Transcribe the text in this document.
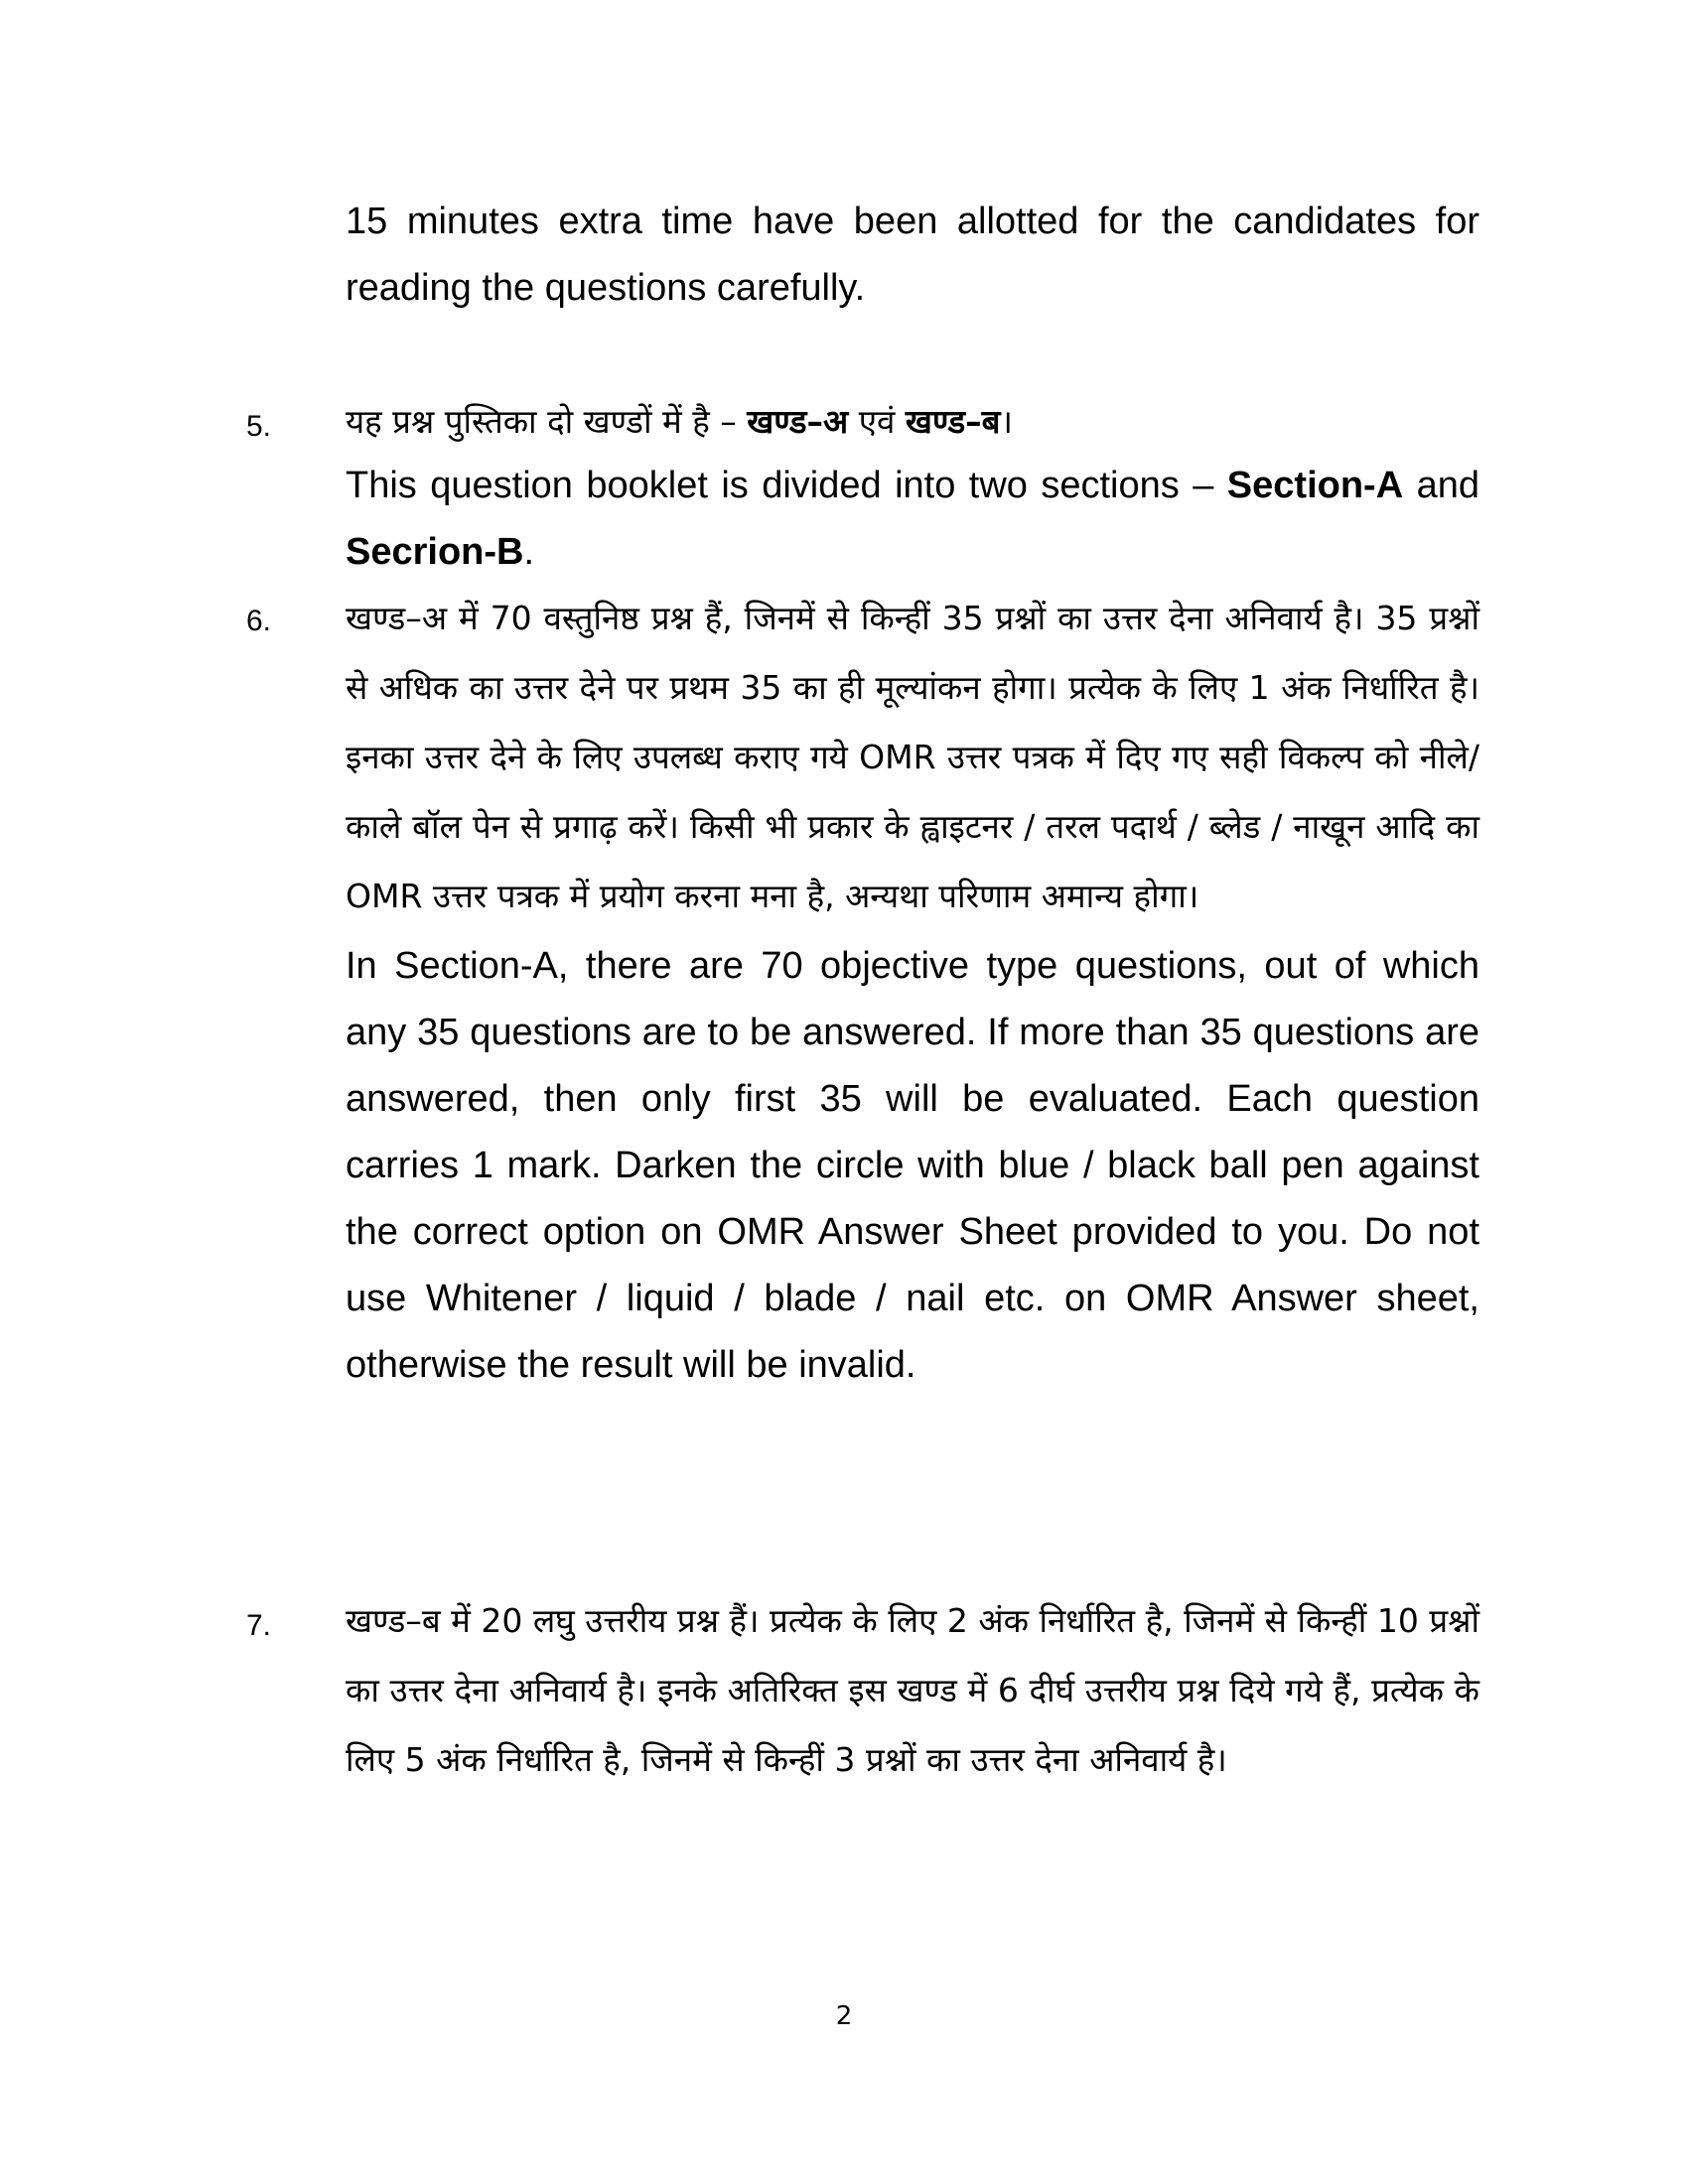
15 minutes extra time have been allotted for the candidates for reading the questions carefully.

5. यह प्रश्न पुस्तिका दो खण्डों में है – खण्ड–अ एवं खण्ड–ब।

This question booklet is divided into two sections – Section-A and Secrion-B.

6. खण्ड–अ में 70 वस्तुनिष्ठ प्रश्न हैं, जिनमें से किन्हीं 35 प्रश्नों का उत्तर देना अनिवार्य है। 35 प्रश्नों से अधिक का उत्तर देने पर प्रथम 35 का ही मूल्यांकन होगा। प्रत्येक के लिए 1 अंक निर्धारित है। इनका उत्तर देने के लिए उपलब्ध कराए गये OMR उत्तर पत्रक में दिए गए सही विकल्प को नीले/काले बॉल पेन से प्रगाढ़ करें। किसी भी प्रकार के ह्वाइटनर / तरल पदार्थ / ब्लेड / नाखून आदि का OMR उत्तर पत्रक में प्रयोग करना मना है, अन्यथा परिणाम अमान्य होगा।

In Section-A, there are 70 objective type questions, out of which any 35 questions are to be answered. If more than 35 questions are answered, then only first 35 will be evaluated. Each question carries 1 mark. Darken the circle with blue / black ball pen against the correct option on OMR Answer Sheet provided to you. Do not use Whitener / liquid / blade / nail etc. on OMR Answer sheet, otherwise the result will be invalid.

7. खण्ड–ब में 20 लघु उत्तरीय प्रश्न हैं। प्रत्येक के लिए 2 अंक निर्धारित है, जिनमें से किन्हीं 10 प्रश्नों का उत्तर देना अनिवार्य है। इनके अतिरिक्त इस खण्ड में 6 दीर्घ उत्तरीय प्रश्न दिये गये हैं, प्रत्येक के लिए 5 अंक निर्धारित है, जिनमें से किन्हीं 3 प्रश्नों का उत्तर देना अनिवार्य है।

2
